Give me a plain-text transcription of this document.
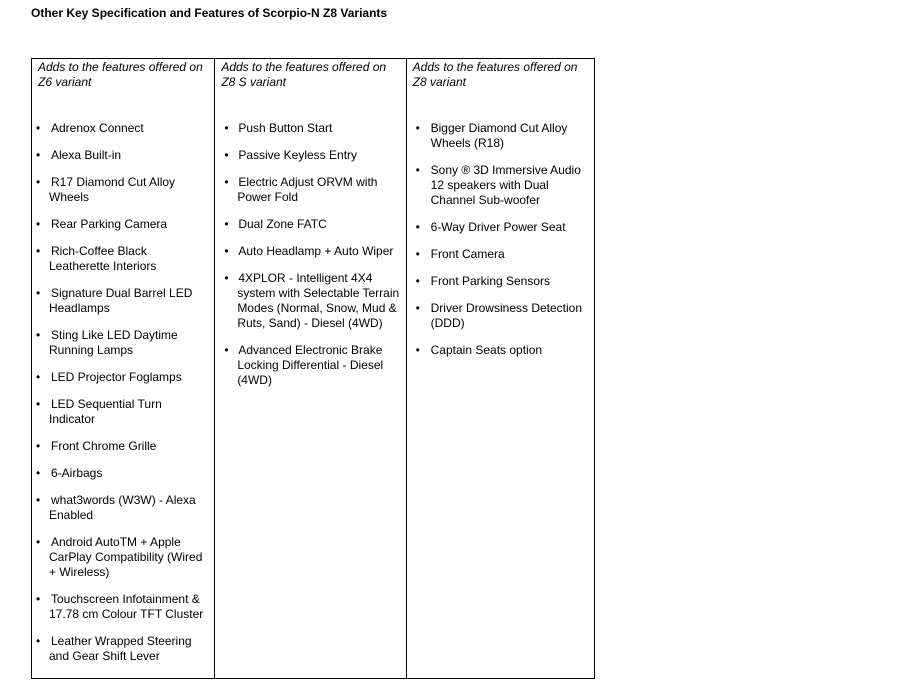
Other Key Specification and Features of Scorpio-N Z8 Variants
Adds to the features offered on Z6 variant
• Adrenox Connect
• Alexa Built-in
• R17 Diamond Cut Alloy Wheels
• Rear Parking Camera
• Rich-Coffee Black Leatherette Interiors
• Signature Dual Barrel LED Headlamps
• Sting Like LED Daytime Running Lamps
• LED Projector Foglamps
• LED Sequential Turn Indicator
• Front Chrome Grille
• 6-Airbags
• what3words (W3W) - Alexa Enabled
• Android AutoTM + Apple CarPlay Compatibility (Wired + Wireless)
• Touchscreen Infotainment & 17.78 cm Colour TFT Cluster
• Leather Wrapped Steering and Gear Shift Lever

Adds to the features offered on Z8 S variant
• Push Button Start
• Passive Keyless Entry
• Electric Adjust ORVM with Power Fold
• Dual Zone FATC
• Auto Headlamp + Auto Wiper
• 4XPLOR - Intelligent 4X4 system with Selectable Terrain Modes (Normal, Snow, Mud & Ruts, Sand) - Diesel (4WD)
• Advanced Electronic Brake Locking Differential - Diesel (4WD)

Adds to the features offered on Z8 variant
• Bigger Diamond Cut Alloy Wheels (R18)
• Sony ® 3D Immersive Audio 12 speakers with Dual Channel Sub-woofer
• 6-Way Driver Power Seat
• Front Camera
• Front Parking Sensors
• Driver Drowsiness Detection (DDD)
• Captain Seats option
